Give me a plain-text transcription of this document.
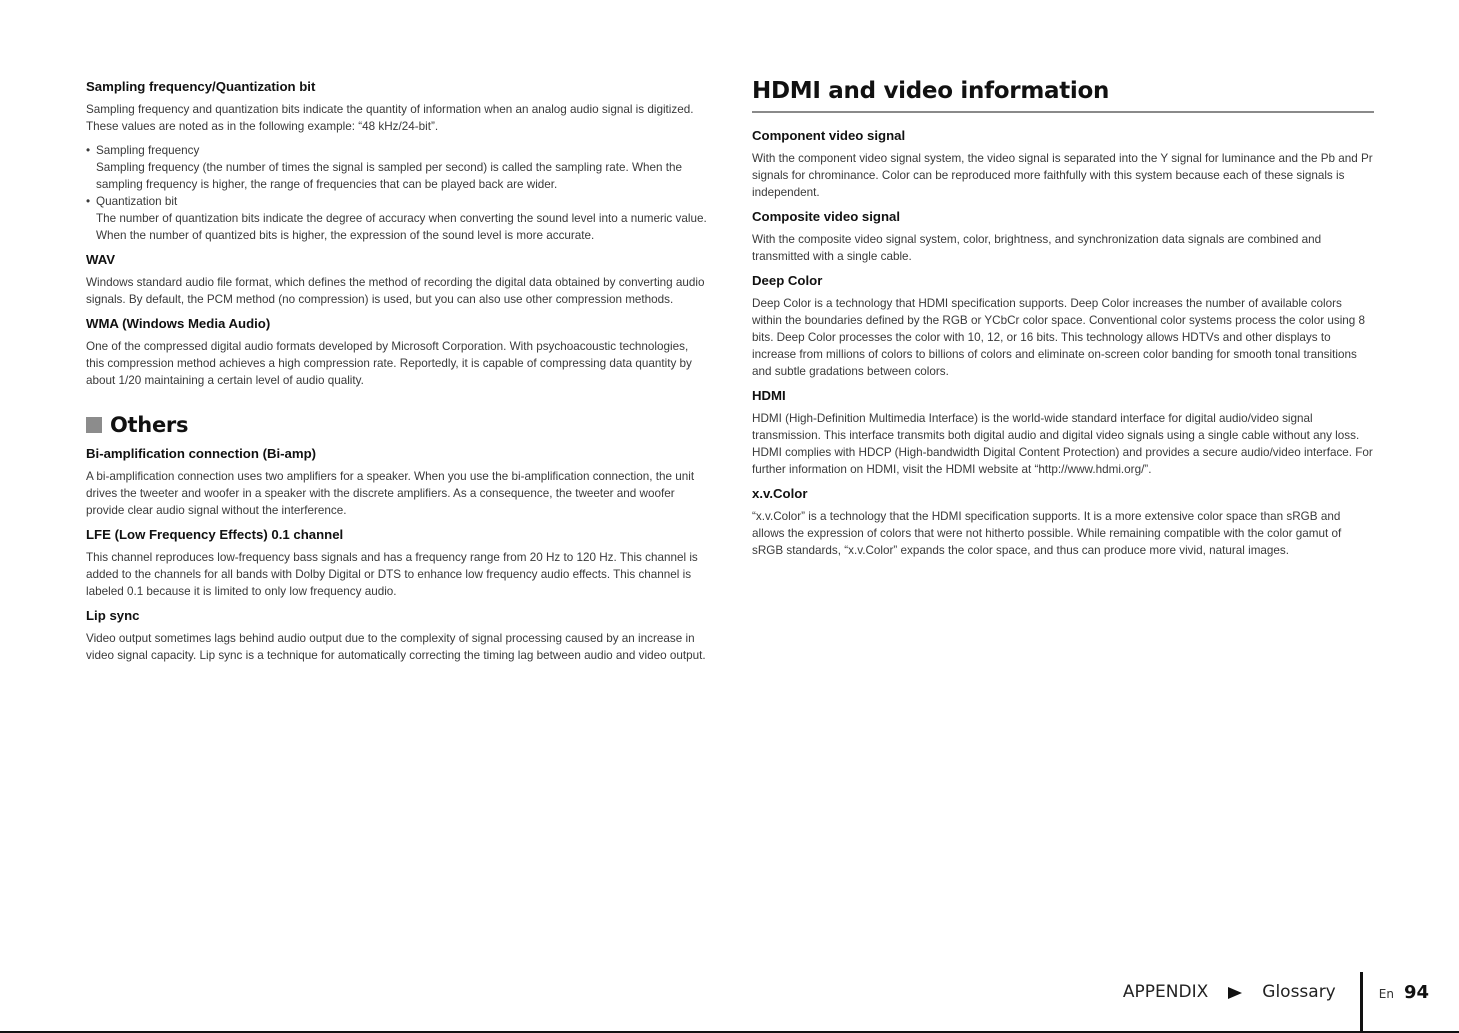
Sampling frequency/Quantization bit

Sampling frequency and quantization bits indicate the quantity of information when an analog audio signal is digitized. These values are noted as in the following example: “48 kHz/24-bit”.

• Sampling frequency
Sampling frequency (the number of times the signal is sampled per second) is called the sampling rate. When the sampling frequency is higher, the range of frequencies that can be played back are wider.
• Quantization bit
The number of quantization bits indicate the degree of accuracy when converting the sound level into a numeric value. When the number of quantized bits is higher, the expression of the sound level is more accurate.
WAV

Windows standard audio file format, which defines the method of recording the digital data obtained by converting audio signals. By default, the PCM method (no compression) is used, but you can also use other compression methods.

WMA (Windows Media Audio)

One of the compressed digital audio formats developed by Microsoft Corporation. With psychoacoustic technologies, this compression method achieves a high compression rate. Reportedly, it is capable of compressing data quantity by about 1/20 maintaining a certain level of audio quality.

Others
Bi-amplification connection (Bi-amp)

A bi-amplification connection uses two amplifiers for a speaker. When you use the bi-amplification connection, the unit drives the tweeter and woofer in a speaker with the discrete amplifiers. As a consequence, the tweeter and woofer provide clear audio signal without the interference.

LFE (Low Frequency Effects) 0.1 channel

This channel reproduces low-frequency bass signals and has a frequency range from 20 Hz to 120 Hz. This channel is added to the channels for all bands with Dolby Digital or DTS to enhance low frequency audio effects. This channel is labeled 0.1 because it is limited to only low frequency audio.

Lip sync

Video output sometimes lags behind audio output due to the complexity of signal processing caused by an increase in video signal capacity. Lip sync is a technique for automatically correcting the timing lag between audio and video output.

HDMI and video information
Component video signal

With the component video signal system, the video signal is separated into the Y signal for luminance and the Pb and Pr signals for chrominance. Color can be reproduced more faithfully with this system because each of these signals is independent.

Composite video signal

With the composite video signal system, color, brightness, and synchronization data signals are combined and transmitted with a single cable.

Deep Color

Deep Color is a technology that HDMI specification supports. Deep Color increases the number of available colors within the boundaries defined by the RGB or YCbCr color space. Conventional color systems process the color using 8 bits. Deep Color processes the color with 10, 12, or 16 bits. This technology allows HDTVs and other displays to increase from millions of colors to billions of colors and eliminate on-screen color banding for smooth tonal transitions and subtle gradations between colors.

HDMI

HDMI (High-Definition Multimedia Interface) is the world-wide standard interface for digital audio/video signal transmission. This interface transmits both digital audio and digital video signals using a single cable without any loss. HDMI complies with HDCP (High-bandwidth Digital Content Protection) and provides a secure audio/video interface. For further information on HDMI, visit the HDMI website at “http://www.hdmi.org/”.

x.v.Color

“x.v.Color” is a technology that the HDMI specification supports. It is a more extensive color space than sRGB and allows the expression of colors that were not hitherto possible. While remaining compatible with the color gamut of sRGB standards, “x.v.Color” expands the color space, and thus can produce more vivid, natural images.

APPENDIX	Glossary	En 94
